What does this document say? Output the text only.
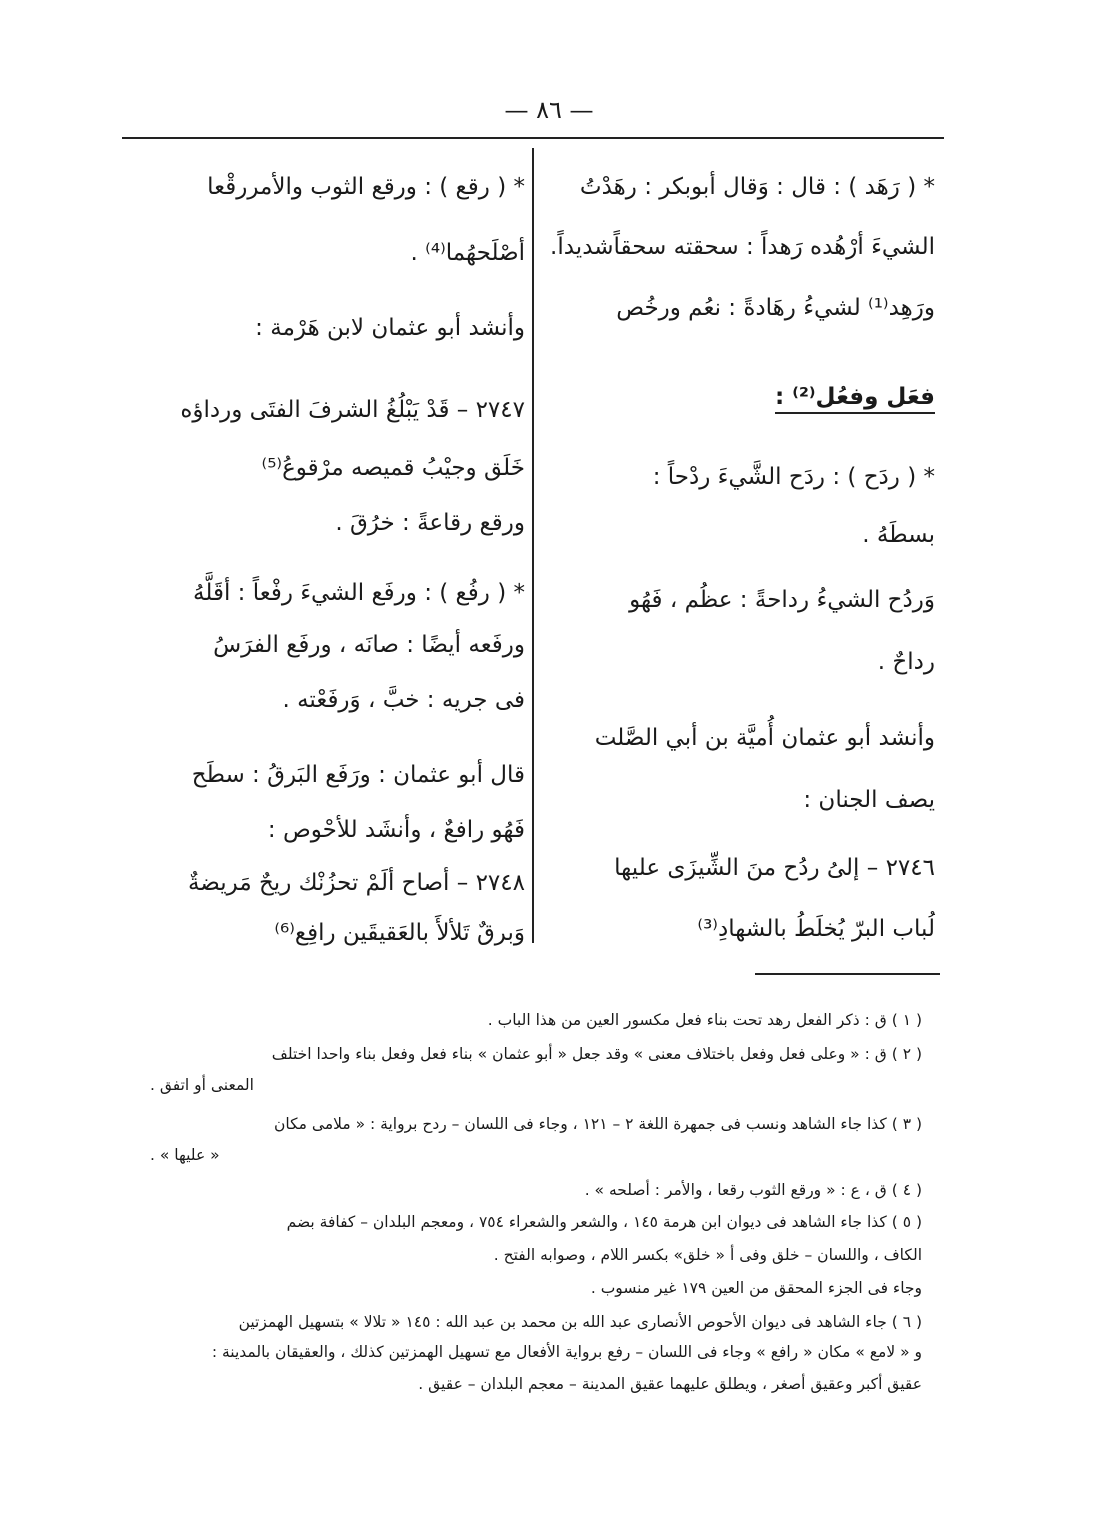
— ٨٦ —
* ( رَهَد ) : قال : وَقال أبوبكر : رهَدْتُ
الشيءَ أرْهُده رَهداً : سحقته سحقاًشديداً.
ورَهِد⁽¹⁾ لشيءُ رهَادةً : نعُم ورخُص
فعَل وفعُل⁽²⁾ :
* ( ردَح ) : ردَح الشَّيءَ ردْحاً :
بسطَهُ .
وَردُح الشيءُ رداحةً : عظُم ، فَهُو
رداحٌ .
وأنشد أبو عثمان أُميَّة بن أبي الصَّلت
يصف الجنان :
٢٧٤٦ – إلىُ ردُح منَ الشِّيزَى عليها
لُباب البرّ يُخلَطُ بالشهادِ⁽³⁾
* ( رقع ) : ورقع الثوب والأمررقْعا
أصْلَحهُما⁽⁴⁾ .
وأنشد أبو عثمان لابن هَرْمة :
٢٧٤٧ – قَدْ يَبْلُغُ الشرفَ الفتَى ورداؤه
خَلَق وجيْبُ قميصه مرْقوعُ⁽⁵⁾
ورقع رقاعةً : خرُقَ .
* ( رفُع ) : ورفَع الشيءَ رفْعاً : أقَلَّهُ
ورفَعه أيضًا : صانَه ، ورفَع الفرَسُ
فى جريه : خبَّ ، وَرفَعْته .
قال أبو عثمان : ورَفَع البَرقُ : سطَح
فَهُو رافعٌ ، وأنشَد للأحْوص :
٢٧٤٨ – أصاح ألَمْ تحزُنْك ريحٌ مَريضةٌ
وَبرقٌ تَلألأَ بالعَقيقَين رافِع⁽⁶⁾
( ١ ) ق : ذكر الفعل رهد تحت بناء فعل مكسور العين من هذا الباب .
( ٢ ) ق : « وعلى فعل وفعل باختلاف معنى » وقد جعل « أبو عثمان » بناء فعل وفعل بناء واحدا اختلف
المعنى أو اتفق .
( ٣ ) كذا جاء الشاهد ونسب فى جمهرة اللغة ٢ – ١٢١ ، وجاء فى اللسان – ردح برواية : « ملامى مكان
« عليها » .
( ٤ ) ق ، ع : « ورقع الثوب رقعا ، والأمر : أصلحه » .
( ٥ ) كذا جاء الشاهد فى ديوان ابن هرمة ١٤٥ ، والشعر والشعراء ٧٥٤ ، ومعجم البلدان – كفافة بضم
الكاف ، واللسان – خلق وفى أ « خلق» بكسر اللام ، وصوابه الفتح .
وجاء فى الجزء المحقق من العين ١٧٩ غير منسوب .
( ٦ ) جاء الشاهد فى ديوان الأحوص الأنصارى عبد الله بن محمد بن عبد الله : ١٤٥ « تلالا » بتسهيل الهمزتين
و « لامع » مكان « رافع » وجاء فى اللسان – رفع برواية الأفعال مع تسهيل الهمزتين كذلك ، والعقيقان بالمدينة :
عقيق أكبر وعقيق أصغر ، ويطلق عليهما عقيق المدينة – معجم البلدان – عقيق .
